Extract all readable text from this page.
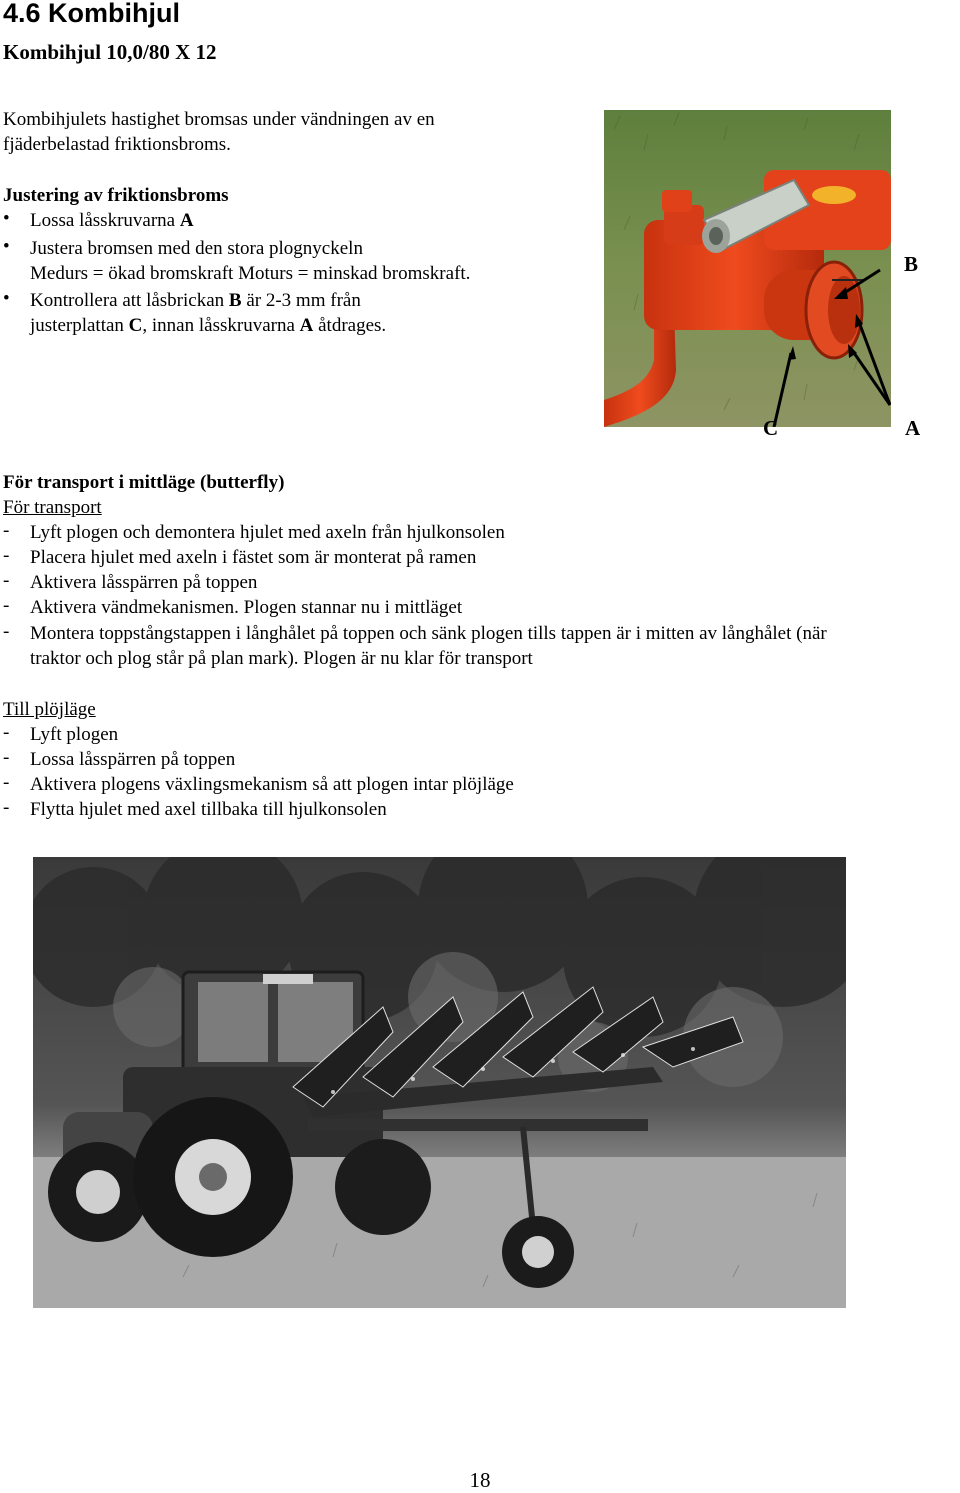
4.6 Kombihjul
Kombihjul 10,0/80 X 12
Kombihjulets hastighet bromsas under vändningen av en
fjäderbelastad friktionsbroms.
Justering av friktionsbroms
• Lossa låsskruvarna A
• Justera bromsen med den stora plognyckeln
Medurs = ökad bromskraft Moturs = minskad bromskraft.
• Kontrollera att låsbrickan B är 2-3 mm från
justerplattan C, innan låsskruvarna A åtdrages.
B
C	A
För transport i mittläge (butterfly)
För transport
- Lyft plogen och demontera hjulet med axeln från hjulkonsolen
- Placera hjulet med axeln i fästet som är monterat på ramen
- Aktivera låsspärren på toppen
- Aktivera vändmekanismen. Plogen stannar nu i mittläget
- Montera toppstångstappen i långhålet på toppen och sänk plogen tills tappen är i mitten av långhålet (när
traktor och plog står på plan mark). Plogen är nu klar för transport
Till plöjläge
- Lyft plogen
- Lossa låsspärren på toppen
- Aktivera plogens växlingsmekanism så att plogen intar plöjläge
- Flytta hjulet med axel tillbaka till hjulkonsolen
18
